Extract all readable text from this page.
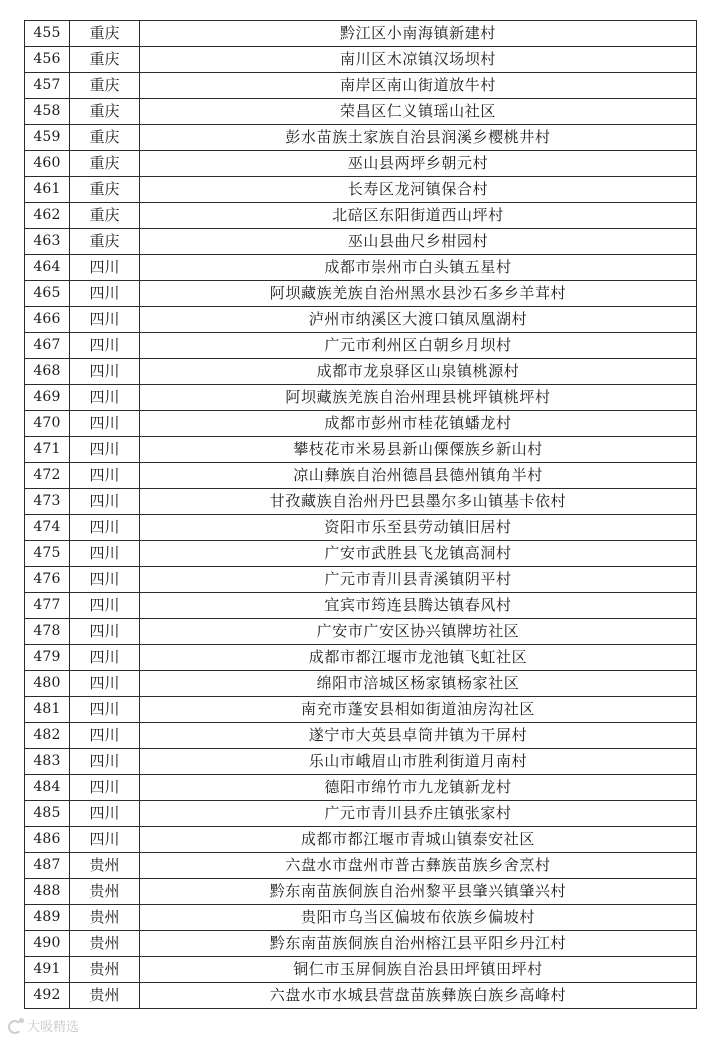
455	重庆	黔江区小南海镇新建村
456	重庆	南川区木凉镇汉场坝村
457	重庆	南岸区南山街道放牛村
458	重庆	荣昌区仁义镇瑶山社区
459	重庆	彭水苗族土家族自治县润溪乡樱桃井村
460	重庆	巫山县两坪乡朝元村
461	重庆	长寿区龙河镇保合村
462	重庆	北碚区东阳街道西山坪村
463	重庆	巫山县曲尺乡柑园村
464	四川	成都市崇州市白头镇五星村
465	四川	阿坝藏族羌族自治州黑水县沙石多乡羊茸村
466	四川	泸州市纳溪区大渡口镇凤凰湖村
467	四川	广元市利州区白朝乡月坝村
468	四川	成都市龙泉驿区山泉镇桃源村
469	四川	阿坝藏族羌族自治州理县桃坪镇桃坪村
470	四川	成都市彭州市桂花镇蟠龙村
471	四川	攀枝花市米易县新山傈僳族乡新山村
472	四川	凉山彝族自治州德昌县德州镇角半村
473	四川	甘孜藏族自治州丹巴县墨尔多山镇基卡依村
474	四川	资阳市乐至县劳动镇旧居村
475	四川	广安市武胜县飞龙镇高洞村
476	四川	广元市青川县青溪镇阴平村
477	四川	宜宾市筠连县腾达镇春风村
478	四川	广安市广安区协兴镇牌坊社区
479	四川	成都市都江堰市龙池镇飞虹社区
480	四川	绵阳市涪城区杨家镇杨家社区
481	四川	南充市蓬安县相如街道油房沟社区
482	四川	遂宁市大英县卓筒井镇为干屏村
483	四川	乐山市峨眉山市胜利街道月南村
484	四川	德阳市绵竹市九龙镇新龙村
485	四川	广元市青川县乔庄镇张家村
486	四川	成都市都江堰市青城山镇泰安社区
487	贵州	六盘水市盘州市普古彝族苗族乡舍烹村
488	贵州	黔东南苗族侗族自治州黎平县肇兴镇肇兴村
489	贵州	贵阳市乌当区偏坡布依族乡偏坡村
490	贵州	黔东南苗族侗族自治州榕江县平阳乡丹江村
491	贵州	铜仁市玉屏侗族自治县田坪镇田坪村
492	贵州	六盘水市水城县营盘苗族彝族白族乡高峰村
大吸精选
